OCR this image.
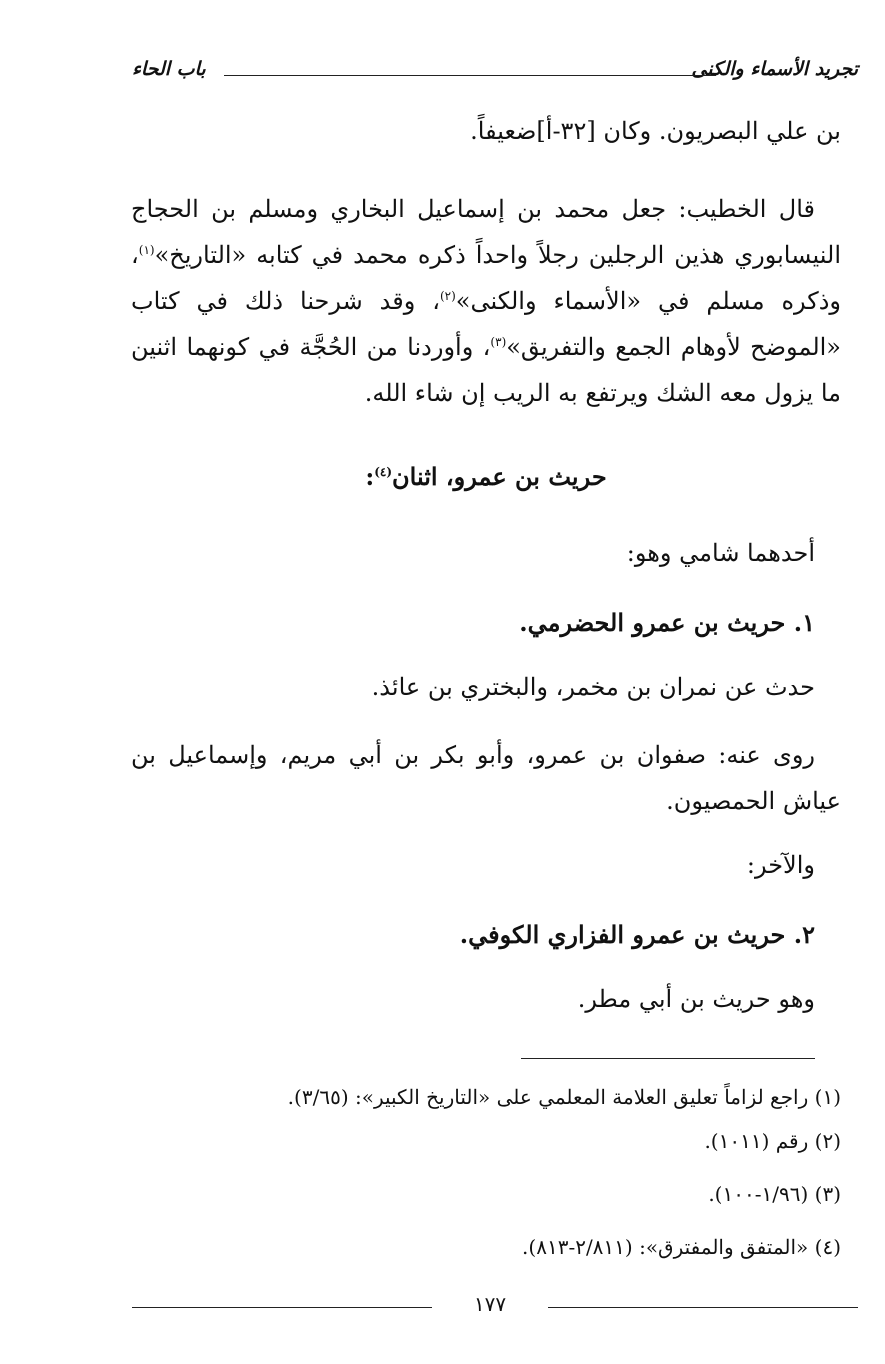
تجريد الأسماء والكنى
باب الحاء

بن علي البصريون. وكان [٣٢-أ]ضعيفاً.

قال الخطيب: جعل محمد بن إسماعيل البخاري ومسلم بن الحجاج النيسابوري هذين الرجلين رجلاً واحداً ذكره محمد في كتابه «التاريخ»$^{(١)}$، وذكره مسلم في «الأسماء والكنى»$^{(٢)}$، وقد شرحنا ذلك في كتاب «الموضح لأوهام الجمع والتفريق»$^{(٣)}$، وأوردنا من الحُجَّة في كونهما اثنين ما يزول معه الشك ويرتفع به الريب إن شاء الله.

حريث بن عمرو، اثنان$^{(٤)}$:

أحدهما شامي وهو:

١. حريث بن عمرو الحضرمي.

حدث عن نمران بن مخمر، والبختري بن عائذ.

روى عنه: صفوان بن عمرو، وأبو بكر بن أبي مريم، وإسماعيل بن عياش الحمصيون.

والآخر:

٢. حريث بن عمرو الفزاري الكوفي.

وهو حريث بن أبي مطر.

(١) راجع لزاماً تعليق العلامة المعلمي على «التاريخ الكبير»: (٣/٦٥).

(٢) رقم (١٠١١).

(٣) (١/٩٦-١٠٠).

(٤) «المتفق والمفترق»: (٢/٨١١-٨١٣).

١٧٧
